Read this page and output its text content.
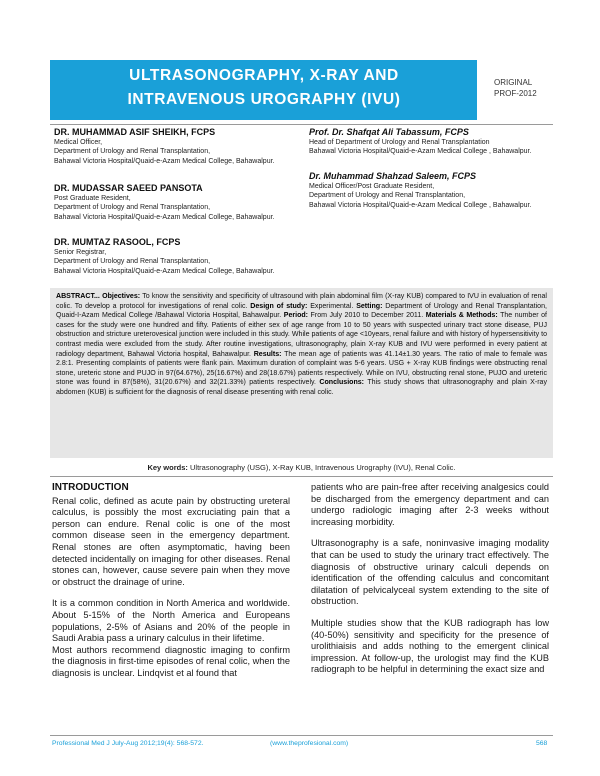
ULTRASONOGRAPHY, X-RAY AND
INTRAVENOUS UROGRAPHY (IVU)
ORIGINAL
PROF-2012
DR. MUHAMMAD ASIF SHEIKH, FCPS
Medical Officer,
Department of Urology and Renal Transplantation,
Bahawal Victoria Hospital/Quaid-e-Azam Medical College, Bahawalpur.
DR. MUDASSAR SAEED PANSOTA
Post Graduate Resident,
Department of Urology and Renal Transplantation,
Bahawal Victoria Hospital/Quaid-e-Azam Medical College, Bahawalpur.
DR. MUMTAZ RASOOL, FCPS
Senior Registrar,
Department of Urology and Renal Transplantation,
Bahawal Victoria Hospital/Quaid-e-Azam Medical College, Bahawalpur.
Prof. Dr. Shafqat Ali Tabassum, FCPS
Head of Department of Urology and Renal Transplantation
Bahawal Victoria Hospital/Quaid-e-Azam Medical College , Bahawalpur.
Dr. Muhammad Shahzad Saleem, FCPS
Medical Officer/Post Graduate Resident,
Department of Urology and Renal Transplantation,
Bahawal Victoria Hospital/Quaid-e-Azam Medical College , Bahawalpur.

ABSTRACT... Objectives: To know the sensitivity and specificity of ultrasound with plain abdominal film (X-ray KUB) compared to IVU in evaluation of renal colic. To develop a protocol for investigations of renal colic. Design of study: Experimental. Setting: Department of Urology and Renal Transplantation, Quaid-I-Azam Medical College /Bahawal Victoria Hospital, Bahawalpur. Period: From July 2010 to December 2011. Materials & Methods: The number of cases for the study were one hundred and fifty. Patients of either sex of age range from 10 to 50 years with suspected urinary tract stone disease, PUJ obstruction and stricture ureterovesical junction were included in this study. While patients of age <10years, renal failure and with history of hypersensitivity to contrast media were excluded from the study. After routine investigations, ultrasonography, plain X-ray KUB and IVU were performed in every patient at radiology department, Bahawal Victoria hospital, Bahawalpur. Results: The mean age of patients was 41.14±1.30 years. The ratio of male to female was 2.8:1. Presenting complaints of patients were flank pain. Maximum duration of complaint was 5-6 years. USG + X-ray KUB findings were obstructing renal stone, ureteric stone and PUJO in 97(64.67%), 25(16.67%) and 28(18.67%) patients respectively. While on IVU, obstructing renal stone, PUJO and ureteric stone was found in 87(58%), 31(20.67%) and 32(21.33%) patients respectively. Conclusions: This study shows that ultrasonography and plain X-ray abdomen (KUB) is sufficient for the diagnosis of renal disease presenting with renal colic.

Key words: Ultrasonography (USG), X-Ray KUB, Intravenous Urography (IVU), Renal Colic.
INTRODUCTION

Renal colic, defined as acute pain by obstructing ureteral calculus, is possibly the most excruciating pain that a person can endure. Renal colic is one of the most common disease seen in the emergency department. Renal stones are often asymptomatic, having been detected incidentally on imaging for other diseases. Renal stones can, however, cause severe pain when they move or obstruct the drainage of urine.

It is a common condition in North America and worldwide. About 5-15% of the North America and Europeans populations, 2-5% of Asians and 20% of the people in Saudi Arabia pass a urinary calculus in their lifetime.

Most authors recommend diagnostic imaging to confirm the diagnosis in first-time episodes of renal colic, when the diagnosis is unclear. Lindqvist et al found that

patients who are pain-free after receiving analgesics could be discharged from the emergency department and can undergo radiologic imaging after 2-3 weeks without increasing morbidity.

Ultrasonography is a safe, noninvasive imaging modality that can be used to study the urinary tract effectively. The diagnosis of obstructive urinary calculi depends on identification of the offending calculus and concomitant dilatation of pelvicalyceal system extending to the site of obstruction.

Multiple studies show that the KUB radiograph has low (40-50%) sensitivity and specificity for the presence of urolithiaisis and adds nothing to the emergent clinical impression. At follow-up, the urologist may find the KUB radiograph to be helpful in determining the exact size and

Professional Med J July-Aug 2012;19(4): 568-572.	(www.theprofesional.com)	568
